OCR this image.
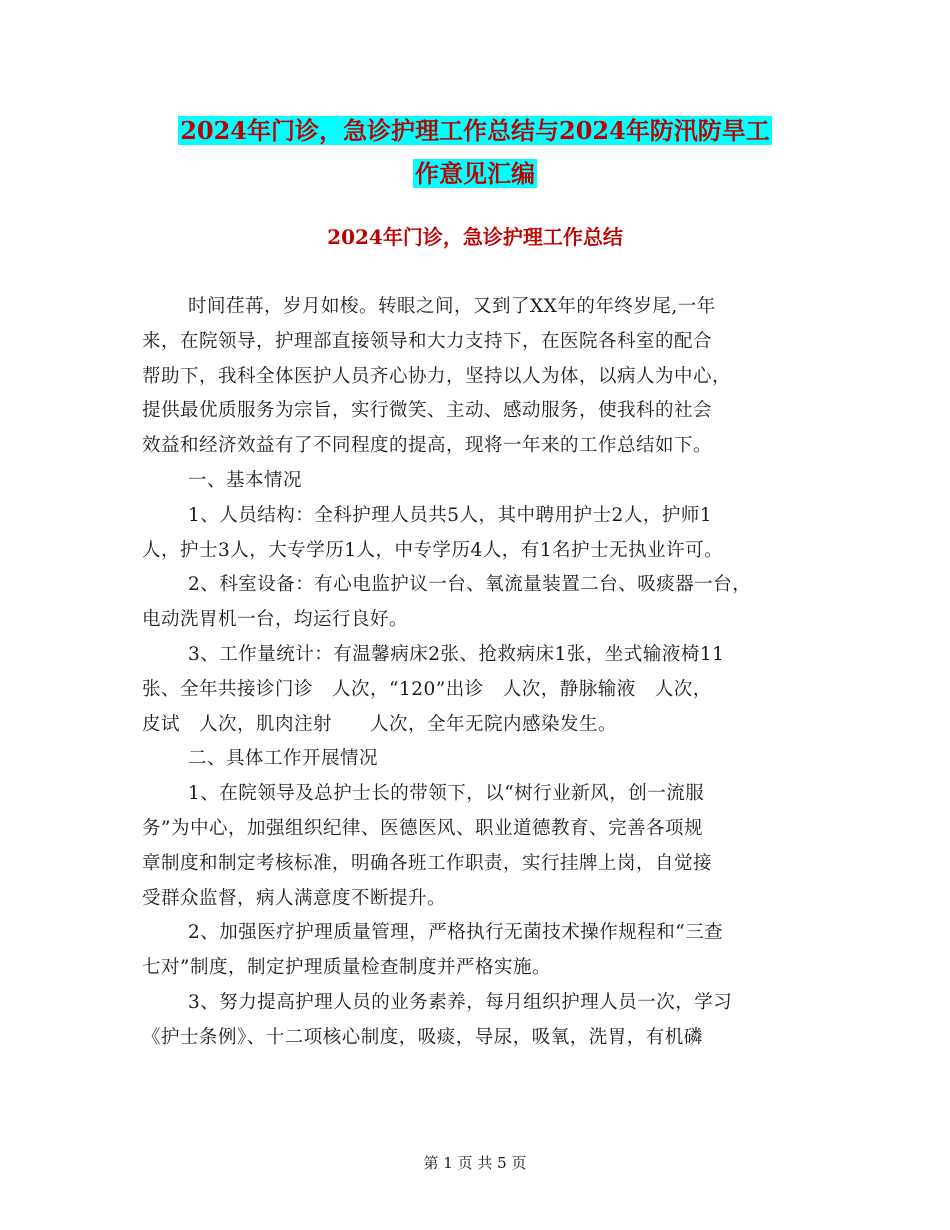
2024年门诊，急诊护理工作总结与2024年防汛防旱工
作意见汇编
2024年门诊，急诊护理工作总结
时间荏苒，岁月如梭。转眼之间，又到了XX年的年终岁尾,一年
来，在院领导，护理部直接领导和大力支持下，在医院各科室的配合
帮助下，我科全体医护人员齐心协力，坚持以人为体，以病人为中心，
提供最优质服务为宗旨，实行微笑、主动、感动服务，使我科的社会
效益和经济效益有了不同程度的提高，现将一年来的工作总结如下。
一、基本情况
1、人员结构：全科护理人员共5人，其中聘用护士2人，护师1
人，护士3人，大专学历1人，中专学历4人，有1名护士无执业许可。
2、科室设备：有心电监护议一台、氧流量装置二台、吸痰器一台，
电动洗胃机一台，均运行良好。
3、工作量统计：有温馨病床2张、抢救病床1张，坐式输液椅11
张、全年共接诊门诊　人次，“120”出诊　人次，静脉输液　人次，
皮试　人次，肌肉注射　　人次，全年无院内感染发生。
二、具体工作开展情况
1、在院领导及总护士长的带领下，以“树行业新风，创一流服
务”为中心，加强组织纪律、医德医风、职业道德教育、完善各项规
章制度和制定考核标准，明确各班工作职责，实行挂牌上岗，自觉接
受群众监督，病人满意度不断提升。
2、加强医疗护理质量管理，严格执行无菌技术操作规程和“三查
七对”制度，制定护理质量检查制度并严格实施。
3、努力提高护理人员的业务素养，每月组织护理人员一次，学习
《护士条例》、十二项核心制度，吸痰，导尿，吸氧，洗胃，有机磷
第 1 页 共 5 页
